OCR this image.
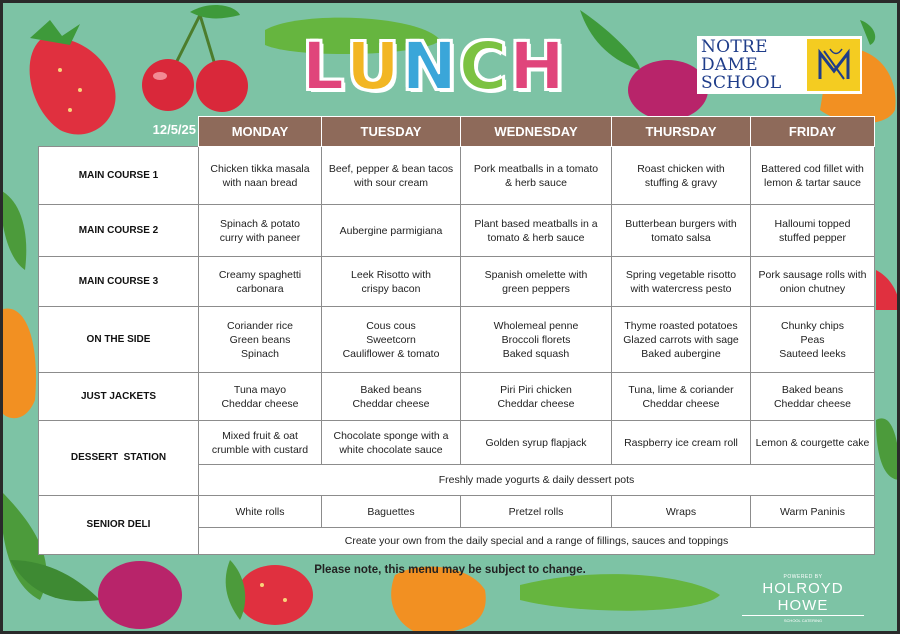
L U N C H	NOTRE
DAME
SCHOOL
12/5/25
		MONDAY	TUESDAY	WEDNESDAY	THURSDAY	FRIDAY
MAIN COURSE 1	Chicken tikka masala
with naan bread	Beef, pepper & bean tacos
with sour cream	Pork meatballs in a tomato
& herb sauce	Roast chicken with
stuffing & gravy	Battered cod fillet with
lemon & tartar sauce

MAIN COURSE 2	Spinach & potato
curry with paneer	Aubergine parmigiana	Plant based meatballs in a
tomato & herb sauce	Butterbean burgers with
tomato salsa	Halloumi topped
stuffed pepper

MAIN COURSE 3	Creamy spaghetti
carbonara	Leek Risotto with
crispy bacon	Spanish omelette with
green peppers	Spring vegetable risotto
with watercress pesto	Pork sausage rolls with
onion chutney

ON THE SIDE	Coriander rice
Green beans
Spinach	Cous cous
Sweetcorn
Cauliflower & tomato	Wholemeal penne
Broccoli florets
Baked squash	Thyme roasted potatoes
Glazed carrots with sage
Baked aubergine	Chunky chips
Peas
Sauteed leeks

JUST JACKETS	Tuna mayo
Cheddar cheese	Baked beans
Cheddar cheese	Piri Piri chicken
Cheddar cheese	Tuna, lime & coriander
Cheddar cheese	Baked beans
Cheddar cheese

DESSERT  STATION	Mixed fruit & oat
crumble with custard	Chocolate sponge with a
white chocolate sauce	Golden syrup flapjack	Raspberry ice cream roll	Lemon & courgette cake

	Freshly made yogurts & daily dessert pots				
SENIOR DELI	White rolls	Baguettes	Pretzel rolls	Wraps	Warm Paninis
	Create your own from the daily special and a range of fillings, sauces and toppings				
Please note, this menu may be subject to change.
POWERED BY
HOLROYD HOWE
SCHOOL CATERING
